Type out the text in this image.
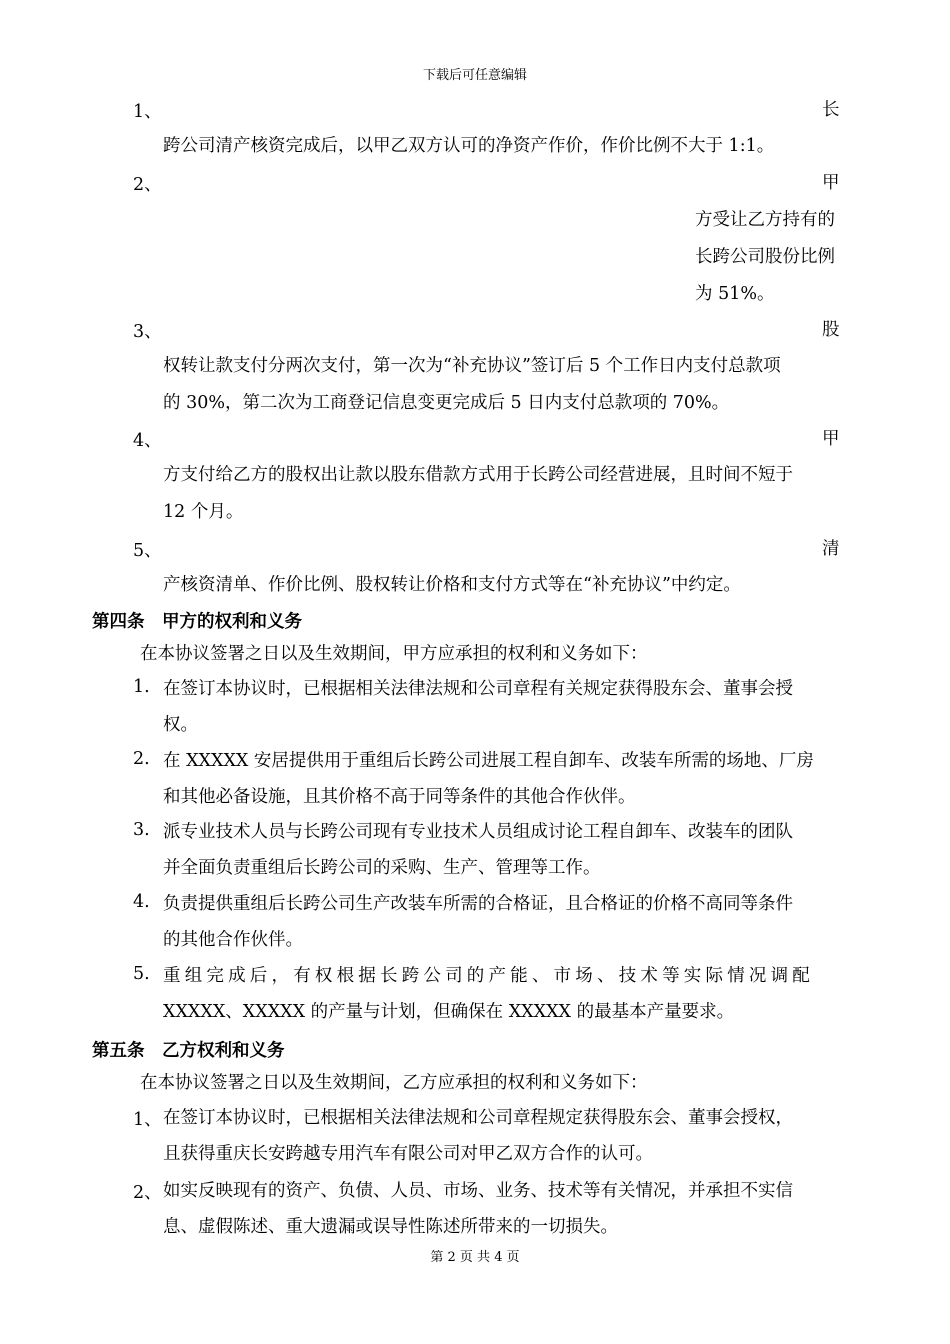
下载后可任意编辑
1、	长
跨公司清产核资完成后，以甲乙双方认可的净资产作价，作价比例不大于 1:1。
2、	甲
方受让乙方持有的
长跨公司股份比例
为 51%。
3、	股
权转让款支付分两次支付，第一次为“补充协议”签订后 5 个工作日内支付总款项
的 30%，第二次为工商登记信息变更完成后 5 日内支付总款项的 70%。
4、	甲
方支付给乙方的股权出让款以股东借款方式用于长跨公司经营进展，且时间不短于
12 个月。
5、	清
产核资清单、作价比例、股权转让价格和支付方式等在“补充协议”中约定。
第四条　甲方的权利和义务
在本协议签署之日以及生效期间，甲方应承担的权利和义务如下：
1. 在签订本协议时，已根据相关法律法规和公司章程有关规定获得股东会、董事会授
权。
2. 在 XXXXX 安居提供用于重组后长跨公司进展工程自卸车、改装车所需的场地、厂房
和其他必备设施，且其价格不高于同等条件的其他合作伙伴。
3. 派专业技术人员与长跨公司现有专业技术人员组成讨论工程自卸车、改装车的团队
并全面负责重组后长跨公司的采购、生产、管理等工作。
4. 负责提供重组后长跨公司生产改装车所需的合格证，且合格证的价格不高同等条件
的其他合作伙伴。
5. 重组完成后，有权根据长跨公司的产能、市场、技术等实际情况调配
XXXXX、XXXXX 的产量与计划，但确保在 XXXXX 的最基本产量要求。
第五条　乙方权利和义务
在本协议签署之日以及生效期间，乙方应承担的权利和义务如下：
1、 在签订本协议时，已根据相关法律法规和公司章程规定获得股东会、董事会授权，
且获得重庆长安跨越专用汽车有限公司对甲乙双方合作的认可。
2、 如实反映现有的资产、负债、人员、市场、业务、技术等有关情况，并承担不实信
息、虚假陈述、重大遗漏或误导性陈述所带来的一切损失。
第 2 页 共 4 页
